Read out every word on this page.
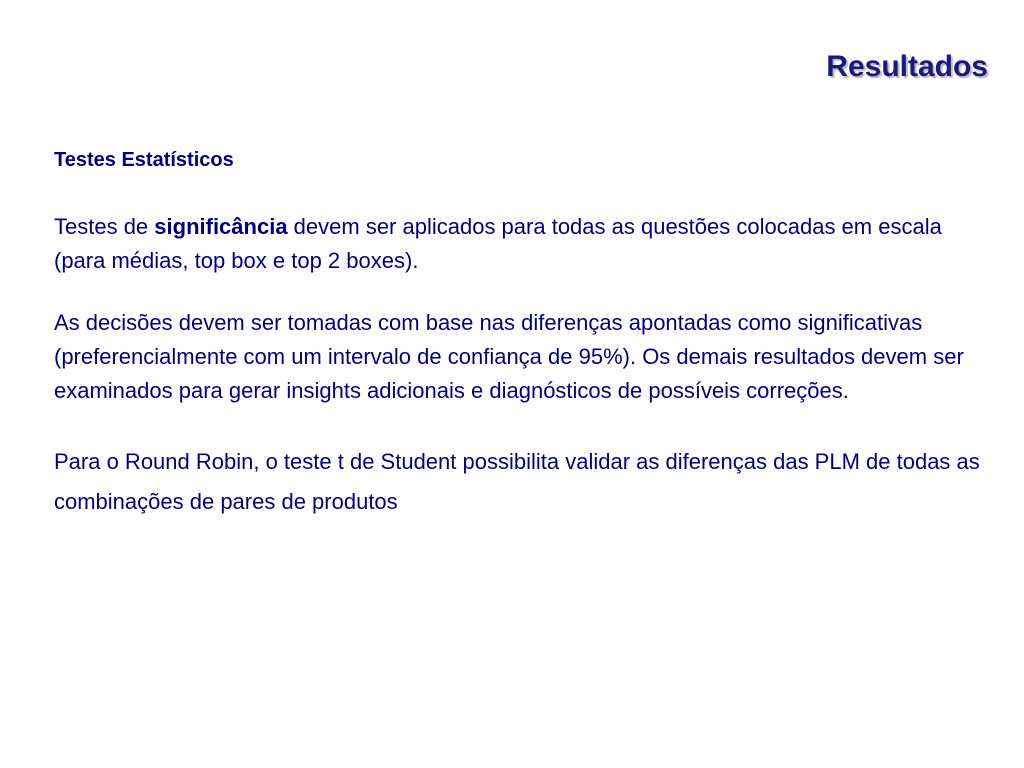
Resultados

Testes Estatísticos

Testes de significância devem ser aplicados para todas as questões colocadas em escala (para médias, top box e top 2 boxes).

As decisões devem ser tomadas com base nas diferenças apontadas como significativas (preferencialmente com um intervalo de confiança de 95%). Os demais resultados devem ser examinados para gerar insights adicionais e diagnósticos de possíveis correções.

Para o Round Robin, o teste t de Student possibilita validar as diferenças das PLM de todas as combinações de pares de produtos
